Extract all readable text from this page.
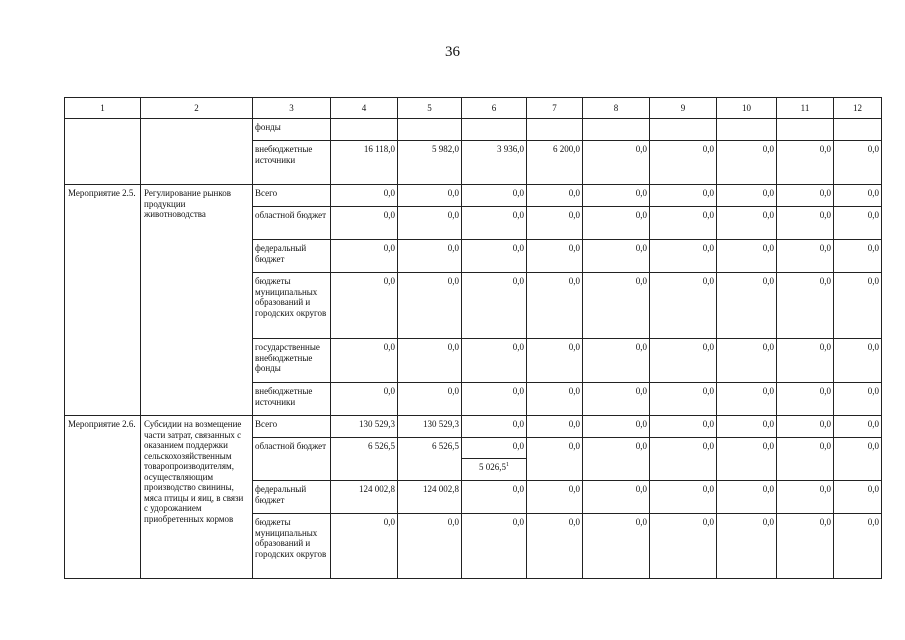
36
1	2	3	4	5	6	7	8	9	10	11	12
		фонды									
		внебюджетные источники	16 118,0	5 982,0	3 936,0	6 200,0	0,0	0,0	0,0	0,0	0,0
Мероприятие 2.5.	Регулирование рынков продукции животноводства	Всего	0,0	0,0	0,0	0,0	0,0	0,0	0,0	0,0	0,0
		областной бюджет	0,0	0,0	0,0	0,0	0,0	0,0	0,0	0,0	0,0
		федеральный бюджет	0,0	0,0	0,0	0,0	0,0	0,0	0,0	0,0	0,0
		бюджеты муниципальных образований и городских округов	0,0	0,0	0,0	0,0	0,0	0,0	0,0	0,0	0,0
		государственные внебюджетные фонды	0,0	0,0	0,0	0,0	0,0	0,0	0,0	0,0	0,0
		внебюджетные источники	0,0	0,0	0,0	0,0	0,0	0,0	0,0	0,0	0,0
Мероприятие 2.6.	Субсидии на возмещение части затрат, связанных с оказанием поддержки сельскохозяйственным товаропроизводителям, осуществляющим производство свинины, мяса птицы и яиц, в связи с удорожанием приобретенных кормов	Всего	130 529,3	130 529,3	0,0	0,0	0,0	0,0	0,0	0,0	0,0
		областной бюджет	6 526,5	6 526,5	0,0	0,0	0,0	0,0	0,0	0,0	0,0
					5 026,5$^1$
		федеральный бюджет	124 002,8	124 002,8	0,0	0,0	0,0	0,0	0,0	0,0	0,0
		бюджеты муниципальных образований и городских округов	0,0	0,0	0,0	0,0	0,0	0,0	0,0	0,0	0,0
